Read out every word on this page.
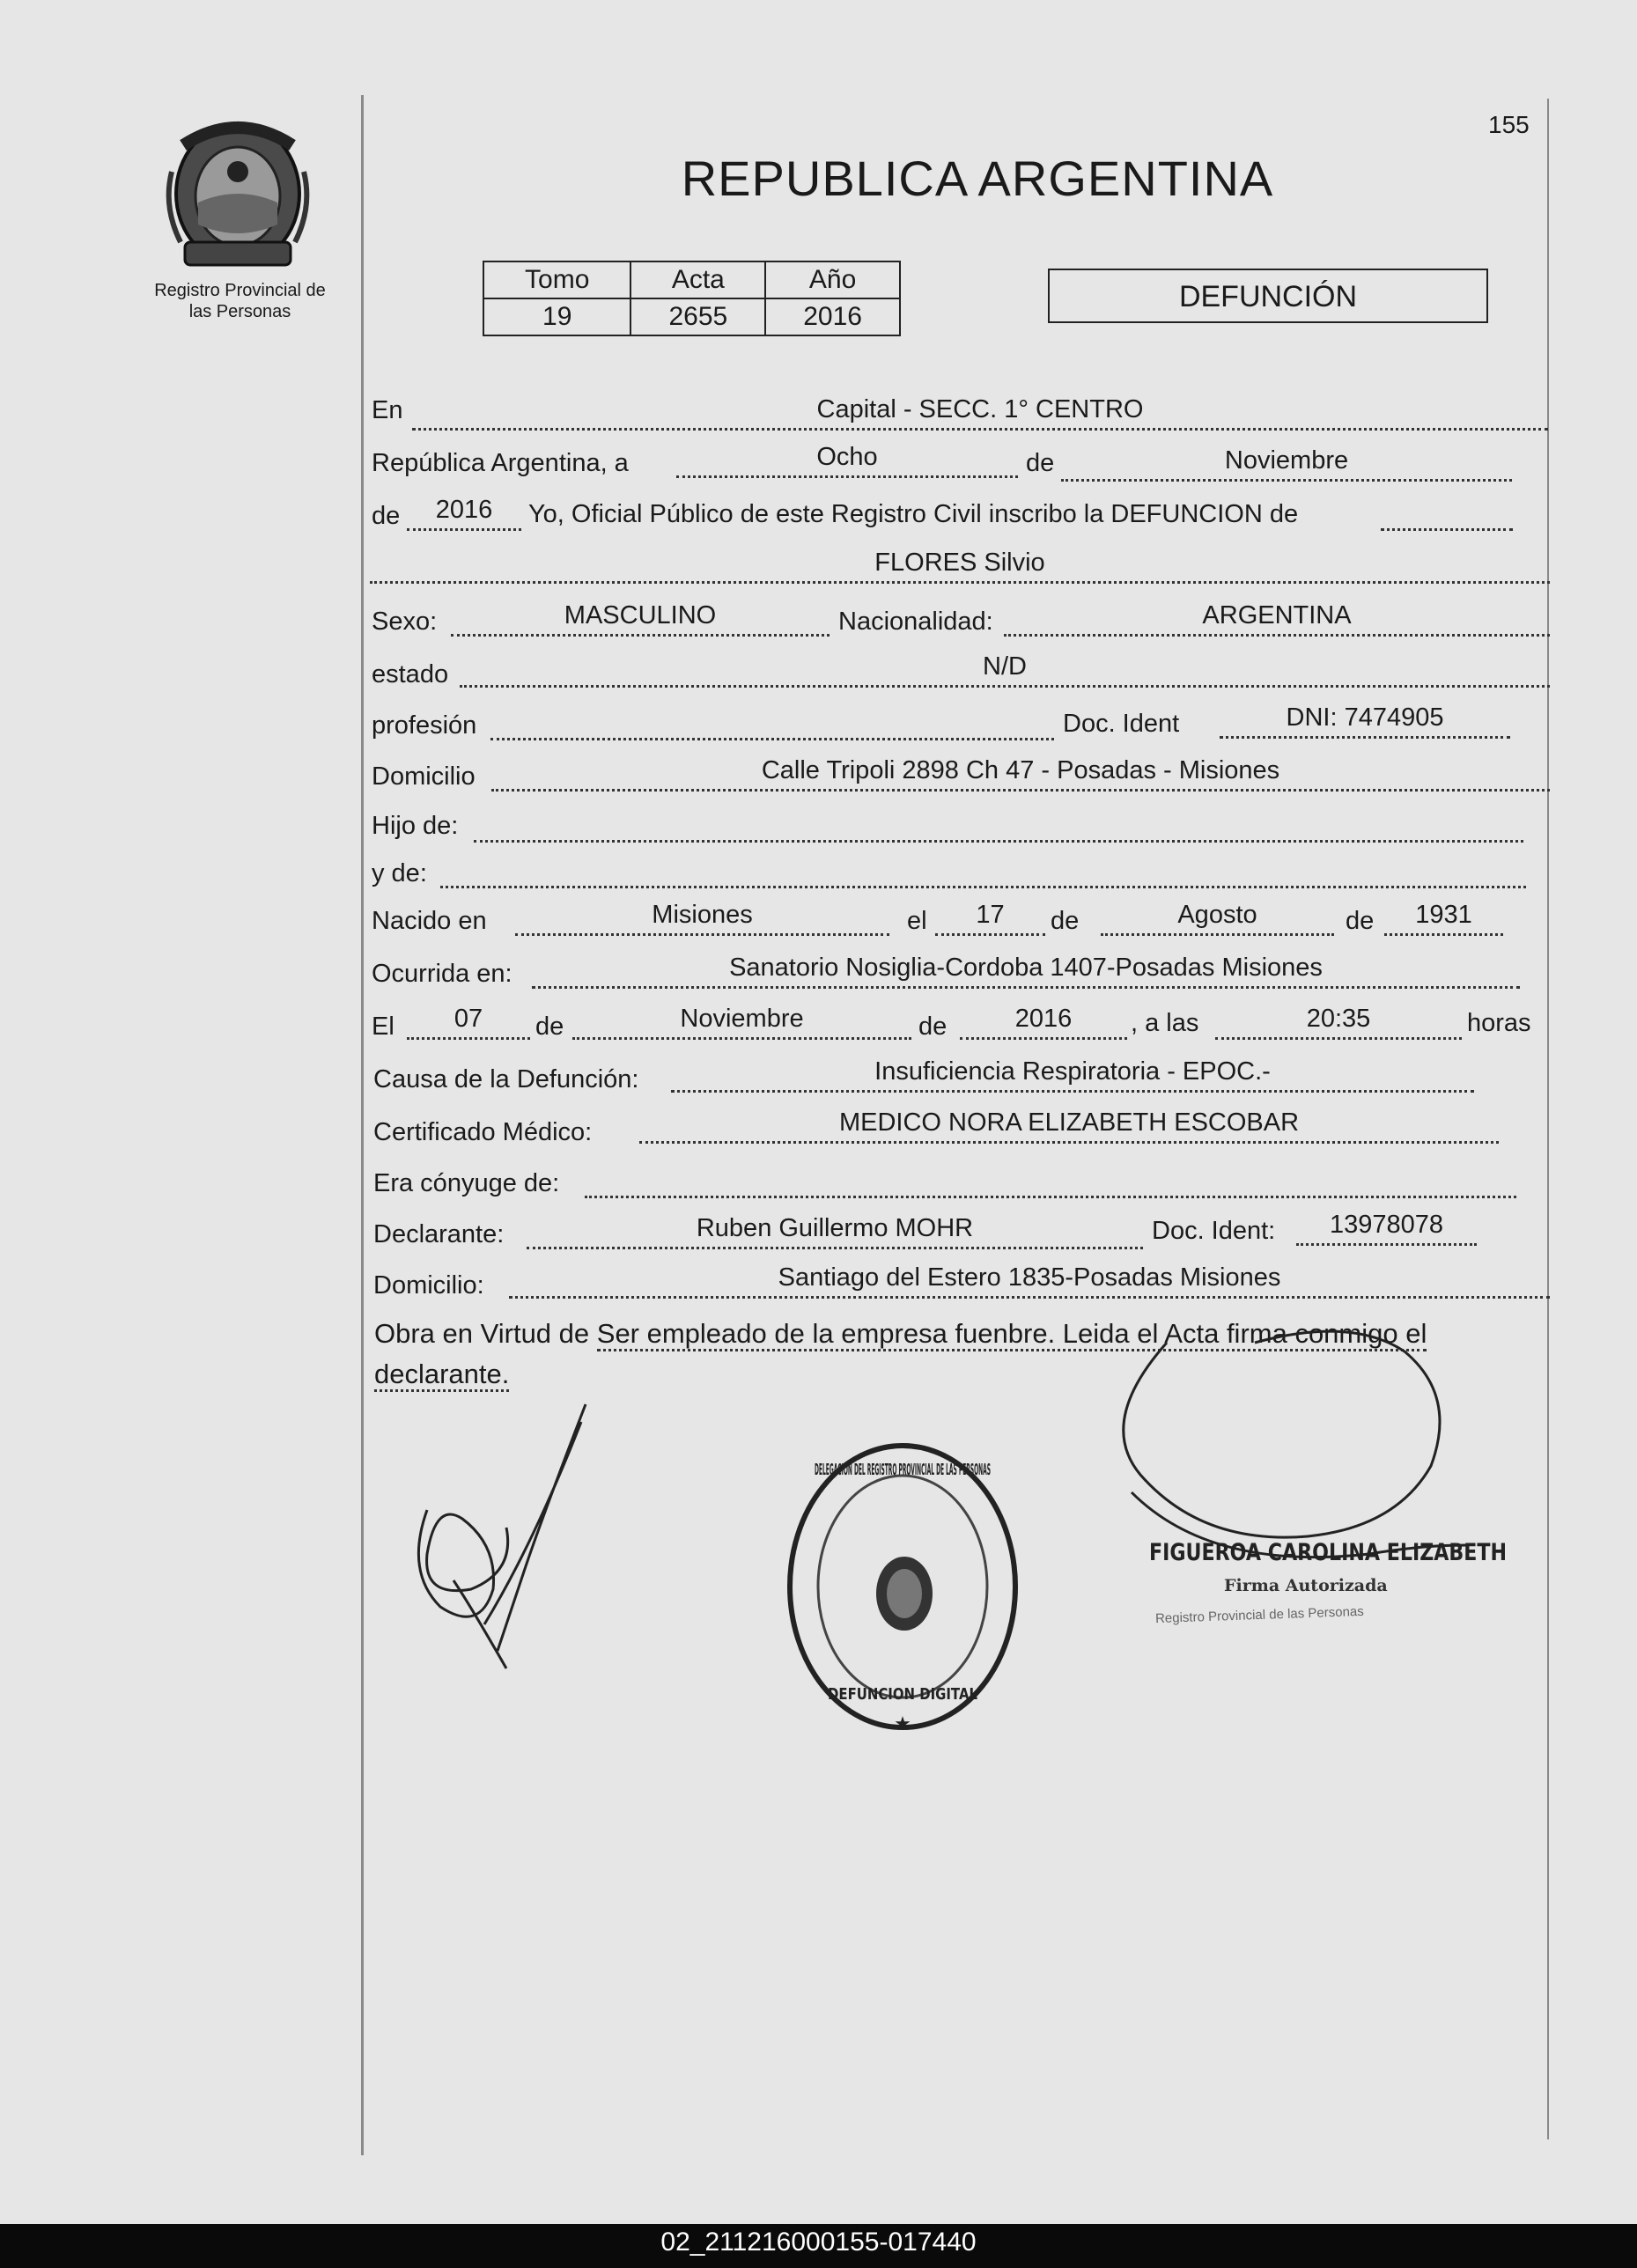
Registro Provincial de
las Personas
155
REPUBLICA ARGENTINA
Tomo	Acta	Año
19	2655	2016
DEFUNCIÓN
En	Capital - SECC. 1° CENTRO
República Argentina, a	Ocho	de	Noviembre
de	2016	Yo, Oficial Público de este Registro Civil inscribo la DEFUNCION de
FLORES Silvio
Sexo:	MASCULINO	Nacionalidad:	ARGENTINA
estado	N/D
profesión	Doc. Ident	DNI: 7474905
Domicilio	Calle Tripoli 2898 Ch 47 - Posadas - Misiones
Hijo de:
y de:
Nacido en	Misiones	el	17	de	Agosto	de	1931
Ocurrida en:	Sanatorio Nosiglia-Cordoba 1407-Posadas Misiones
El	07	de	Noviembre	de	2016	, a las	20:35	horas
Causa de la Defunción:	Insuficiencia Respiratoria - EPOC.-
Certificado Médico:	MEDICO NORA ELIZABETH ESCOBAR
Era cónyuge de:
Declarante:	Ruben Guillermo MOHR	Doc. Ident:	13978078
Domicilio:	Santiago del Estero 1835-Posadas Misiones
Obra en Virtud de Ser empleado de la empresa fuenbre. Leida el Acta firma conmigo el declarante.
DELEGACION DEL REGISTRO PROVINCIAL DE LAS PERSONAS
DEFUNCION DIGITAL
★
FIGUEROA CAROLINA ELIZABETH
Firma Autorizada
Registro Provincial de las Personas
02_211216000155-017440
